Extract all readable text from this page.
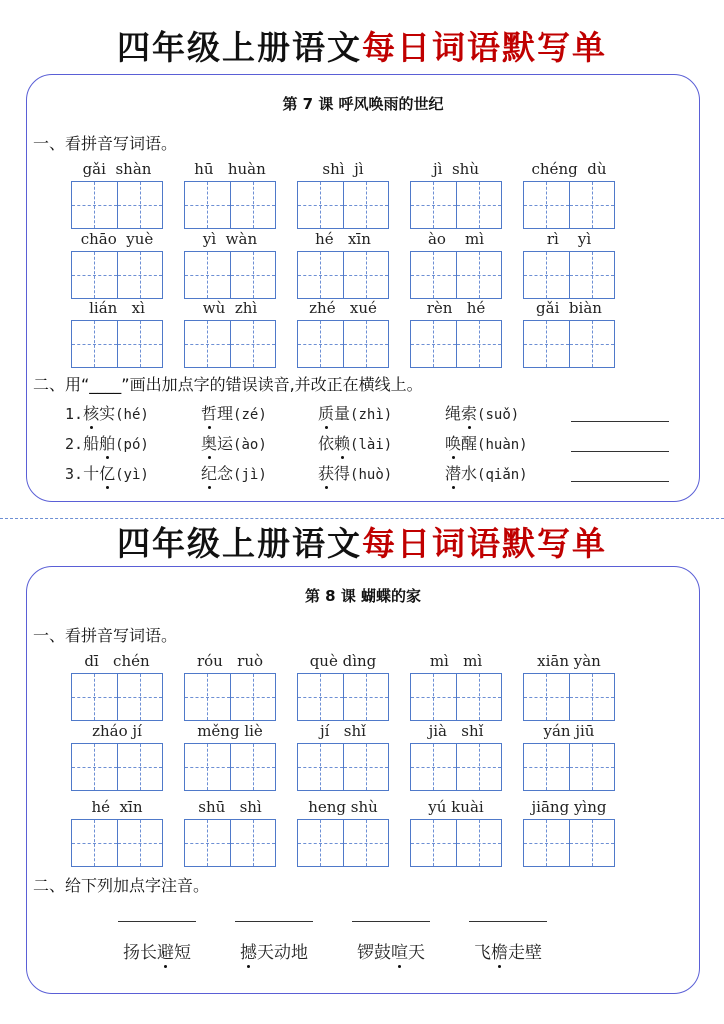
四年级上册语文每日词语默写单
第 7 课 呼风唤雨的世纪
一、看拼音写词语。
gǎi  shàn	hū   huàn	shì  jì	jì  shù	chéng  dù
chāo  yuè	yì  wàn	hé   xīn	ào    mì	rì    yì
lián   xì	wù  zhì	zhé   xué	rèn   hé	gǎi  biàn
二、用“____”画出加点字的错误读音,并改正在横线上。
1.核实(hé)	哲理(zé)	质量(zhì)	绳索(suǒ)
2.船舶(pó)	奥运(ào)	依赖(lài)	唤醒(huàn)
3.十亿(yì)	纪念(jì)	获得(huò)	潜水(qiǎn)
四年级上册语文每日词语默写单
第 8 课 蝴蝶的家
一、看拼音写词语。
dī   chén	róu   ruò	què dìng	mì   mì	xiān yàn
zháo jí	měng liè	jí   shǐ	jià   shǐ	yán jiū
hé  xīn	shū   shì	heng shù	yú kuài	jiāng yìng
二、给下列加点字注音。
扬长避短	撼天动地	锣鼓喧天	飞檐走壁
